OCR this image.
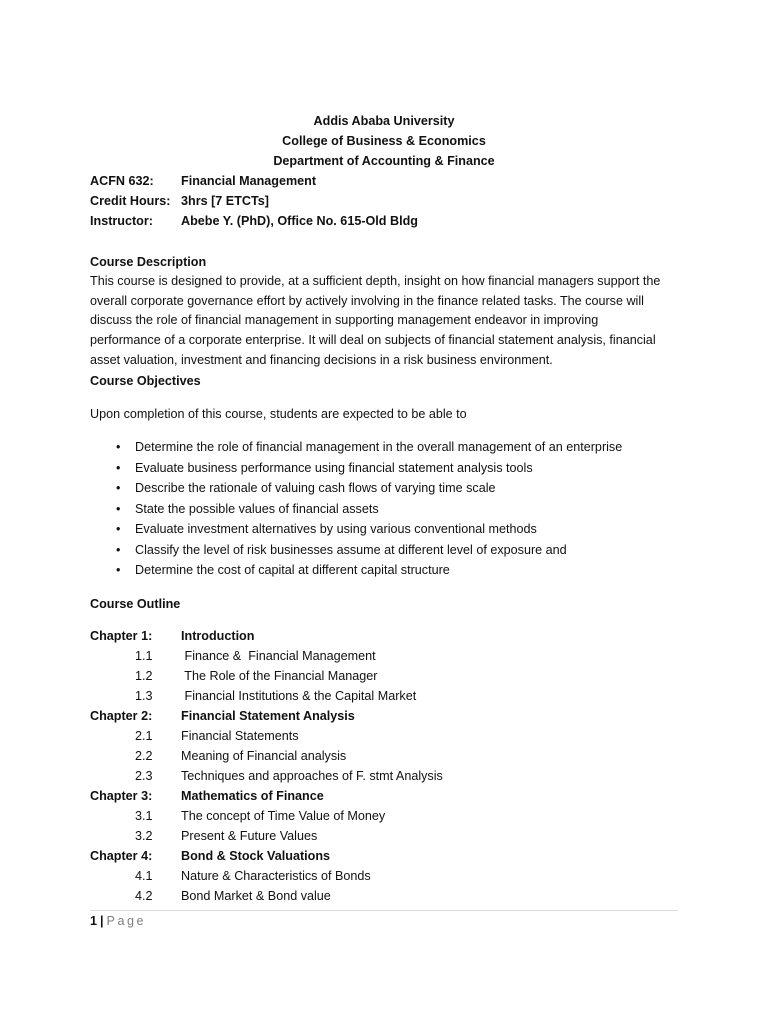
Addis Ababa University
College of Business & Economics
Department of Accounting & Finance
ACFN 632:	Financial Management
Credit Hours: 3hrs [7 ETCTs]
Instructor:	Abebe Y. (PhD), Office No. 615-Old Bldg
Course Description
This course is designed to provide, at a sufficient depth, insight on how financial managers support the
overall corporate governance effort by actively involving in the finance related tasks. The course will
discuss the role of financial management in supporting management endeavor in improving
performance of a corporate enterprise. It will deal on subjects of financial statement analysis, financial
asset valuation, investment and financing decisions in a risk business environment.
Course Objectives
Upon completion of this course, students are expected to be able to
• Determine the role of financial management in the overall management of an enterprise
• Evaluate business performance using financial statement analysis tools
• Describe the rationale of valuing cash flows of varying time scale
• State the possible values of financial assets
• Evaluate investment alternatives by using various conventional methods
• Classify the level of risk businesses assume at different level of exposure and
• Determine the cost of capital at different capital structure
Course Outline
Chapter 1:	Introduction
1.1	Finance &  Financial Management
1.2	The Role of the Financial Manager
1.3	Financial Institutions & the Capital Market
Chapter 2:	Financial Statement Analysis
2.1	Financial Statements
2.2	Meaning of Financial analysis
2.3	Techniques and approaches of F. stmt Analysis
Chapter 3:	Mathematics of Finance
3.1	The concept of Time Value of Money
3.2	Present & Future Values
Chapter 4:	Bond & Stock Valuations
4.1	Nature & Characteristics of Bonds
4.2	Bond Market & Bond value
1 | Page
